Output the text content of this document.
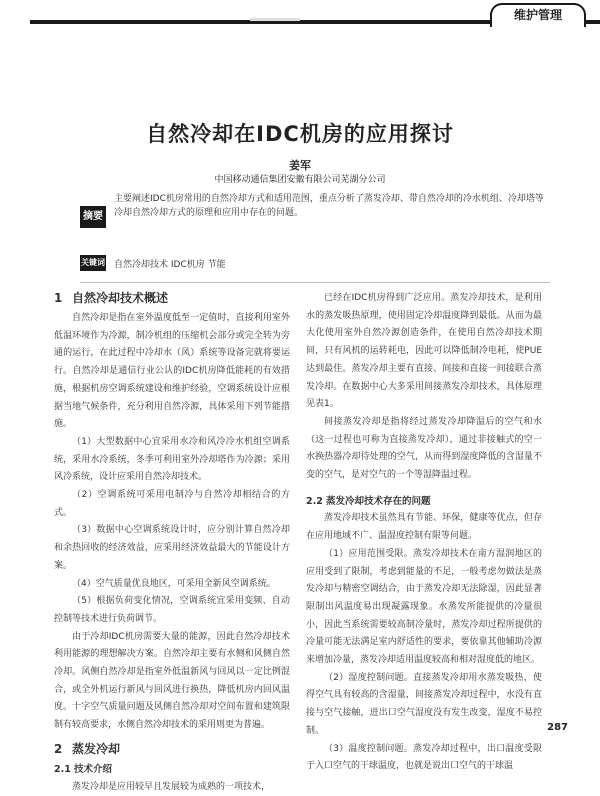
维护管理
自然冷却在IDC机房的应用探讨
姜军
中国移动通信集团安徽有限公司芜湖分公司
摘要
主要阐述IDC机房常用的自然冷却方式和适用范围，重点分析了蒸发冷却、带自然冷却的冷水机组、冷却塔等冷却自然冷却方式的原理和应用中存在的问题。
关键词 自然冷却技术 IDC机房 节能

1 自然冷却技术概述

自然冷却是指在室外温度低至一定值时，直接利用室外低温环境作为冷源，制冷机组的压缩机会部分或完全转为旁通的运行，在此过程中冷却水（风）系统等设备完就将要运行。自然冷却是通信行业公认的IDC机房降低能耗的有效措施，根据机房空调系统建设和维护经验，空调系统设计应根据当地气候条件，充分利用自然冷源，具体采用下列节能措施。

（1）大型数据中心宜采用水冷和风冷冷水机组空调系统，采用水冷系统，冬季可利用室外冷却塔作为冷源；采用风冷系统，设计应采用自然冷却技术。

（2）空调系统可采用电制冷与自然冷却相结合的方式。

（3）数据中心空调系统设计时，应分别计算自然冷却和余热回收的经济效益，应采用经济效益最大的节能设计方案。

（4）空气质量优良地区，可采用全新风空调系统。

（5）根据负荷变化情况，空调系统宜采用变频、自动控制等技术进行负荷调节。

由于冷却IDC机房需要大量的能源，因此自然冷却技术利用能源的理想解决方案。自然冷却主要有水侧和风侧自然冷却。风侧自然冷却是指室外低温新风与回风以一定比例混合，或全外机运行新风与回风进行换热，降低机房内回风温度。十字空气质量问题及风侧自然冷却对空间布置和建筑限制有较高要求，水侧自然冷却技术的采用则更为普遍。

2 蒸发冷却

2.1 技术介绍

蒸发冷却是应用较早且发展较为成熟的一项技术，

已经在IDC机房得到广泛应用。蒸发冷却技术，是利用水的蒸发吸热原理，使用固定冷却温度降到最低。从而为最大化使用室外自然冷源创造条件，在使用自然冷却技术期间，只有风机的运转耗电，因此可以降低制冷电耗，使PUE达到最佳。蒸发冷却主要有直接、间接和直接一间接联合蒸发冷却。在数据中心大多采用间接蒸发冷却技术，具体原理见表1。

间接蒸发冷却是指将经过蒸发冷却降温后的空气和水（这一过程也可称为直接蒸发冷却），通过非接触式的空一水换热器冷却待处理的空气，从而得到湿度降低的含湿量不变的空气，是对空气的一个等湿降温过程。

2.2 蒸发冷却技术存在的问题

蒸发冷却技术虽然具有节能、环保，健康等优点，但存在应用地域不广、温湿度控制有限等问题。

（1）应用范围受限。蒸发冷却技术在南方湿润地区的应用受到了限制，考虑到能量的不足，一般考虑勿做法是蒸发冷却与精密空调结合，由于蒸发冷却无法除湿，因此显著限制出风温度易出现凝露现象。水蒸发所能提供的冷量很小，因此当系统需要较高制冷量时，蒸发冷却过程所提供的冷量可能无法满足室内舒适性的要求，要依靠其他辅助冷源来增加冷量，蒸发冷却适用温度较高和相对湿度低的地区。

（2）湿度控制问题。直接蒸发冷却用水蒸发吸热，使得空气具有较高的含湿量，间接蒸发冷却过程中，水没有直接与空气接触，进出口空气湿度没有发生改变，湿度不易控制。

（3）温度控制问题。蒸发冷却过程中，出口温度受限于入口空气的干球温度，也就是说出口空气的干球温

287
